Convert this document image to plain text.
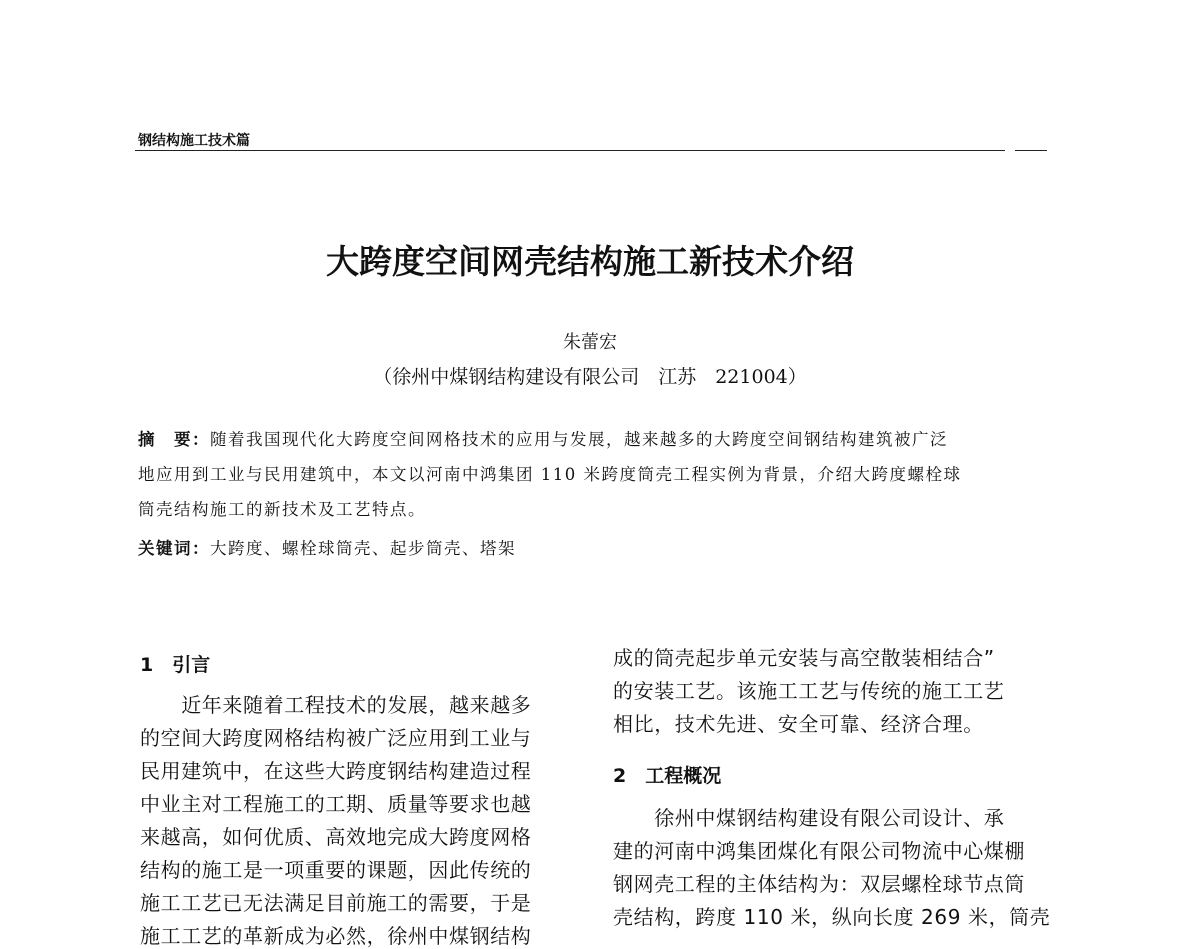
钢结构施工技术篇
大跨度空间网壳结构施工新技术介绍
朱蕾宏
（徐州中煤钢结构建设有限公司　江苏　221004）
摘　要：随着我国现代化大跨度空间网格技术的应用与发展，越来越多的大跨度空间钢结构建筑被广泛
地应用到工业与民用建筑中，本文以河南中鸿集团 110 米跨度筒壳工程实例为背景，介绍大跨度螺栓球
筒壳结构施工的新技术及工艺特点。
关键词：大跨度、螺栓球筒壳、起步筒壳、塔架
1　引言
　　近年来随着工程技术的发展，越来越多
的空间大跨度网格结构被广泛应用到工业与
民用建筑中，在这些大跨度钢结构建造过程
中业主对工程施工的工期、质量等要求也越
来越高，如何优质、高效地完成大跨度网格
结构的施工是一项重要的课题，因此传统的
施工工艺已无法满足目前施工的需要，于是
施工工艺的革新成为必然，徐州中煤钢结构
成的筒壳起步单元安装与高空散装相结合”
的安装工艺。该施工工艺与传统的施工工艺
相比，技术先进、安全可靠、经济合理。
2　工程概况
　　徐州中煤钢结构建设有限公司设计、承
建的河南中鸿集团煤化有限公司物流中心煤棚
钢网壳工程的主体结构为：双层螺栓球节点筒
壳结构，跨度 110 米，纵向长度 269 米，筒壳
